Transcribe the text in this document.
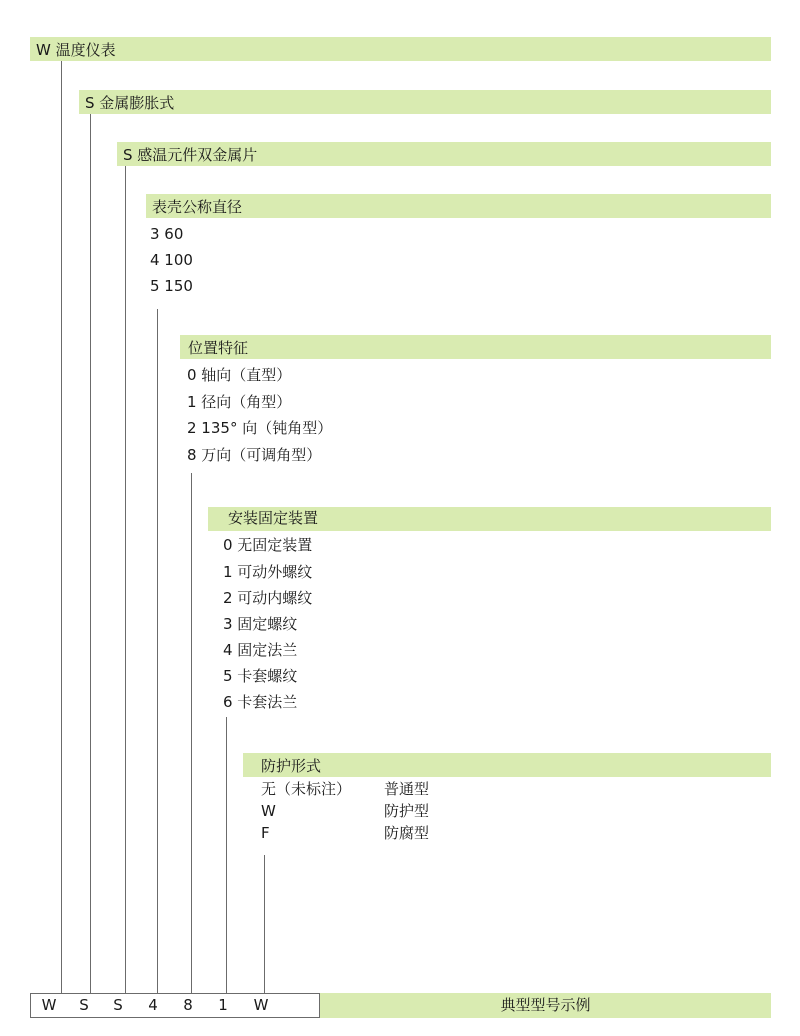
W 温度仪表
S 金属膨胀式
S 感温元件双金属片
表壳公称直径
位置特征
安装固定装置
防护形式
3 60
4 100
5 150
0 轴向（直型）
1 径向（角型）
2 135° 向（钝角型）
8 万向（可调角型）
0 无固定装置
1 可动外螺纹
2 可动内螺纹
3 固定螺纹
4 固定法兰
5 卡套螺纹
6 卡套法兰
无（未标注） 普通型
W	防护型
F	防腐型
W	S	S	4	8	1	W	典型型号示例
